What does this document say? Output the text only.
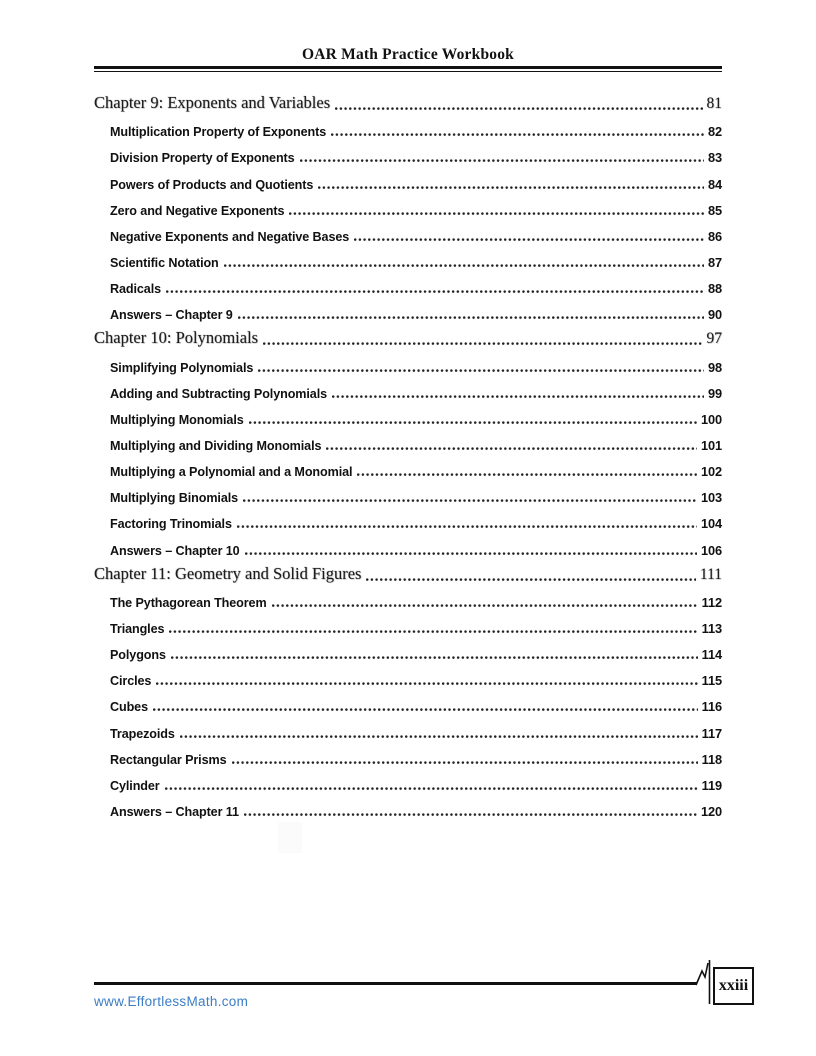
OAR Math Practice Workbook
Chapter 9: Exponents and Variables	81
Multiplication Property of Exponents	82
Division Property of Exponents	83
Powers of Products and Quotients	84
Zero and Negative Exponents	85
Negative Exponents and Negative Bases	86
Scientific Notation	87
Radicals	88
Answers – Chapter 9	90
Chapter 10: Polynomials	97
Simplifying Polynomials	98
Adding and Subtracting Polynomials	99
Multiplying Monomials	100
Multiplying and Dividing Monomials	101
Multiplying a Polynomial and a Monomial	102
Multiplying Binomials	103
Factoring Trinomials	104
Answers – Chapter 10	106
Chapter 11: Geometry and Solid Figures	111
The Pythagorean Theorem	112
Triangles	113
Polygons	114
Circles	115
Cubes	116
Trapezoids	117
Rectangular Prisms	118
Cylinder	119
Answers – Chapter 11	120
xxiii
www.EffortlessMath.com
